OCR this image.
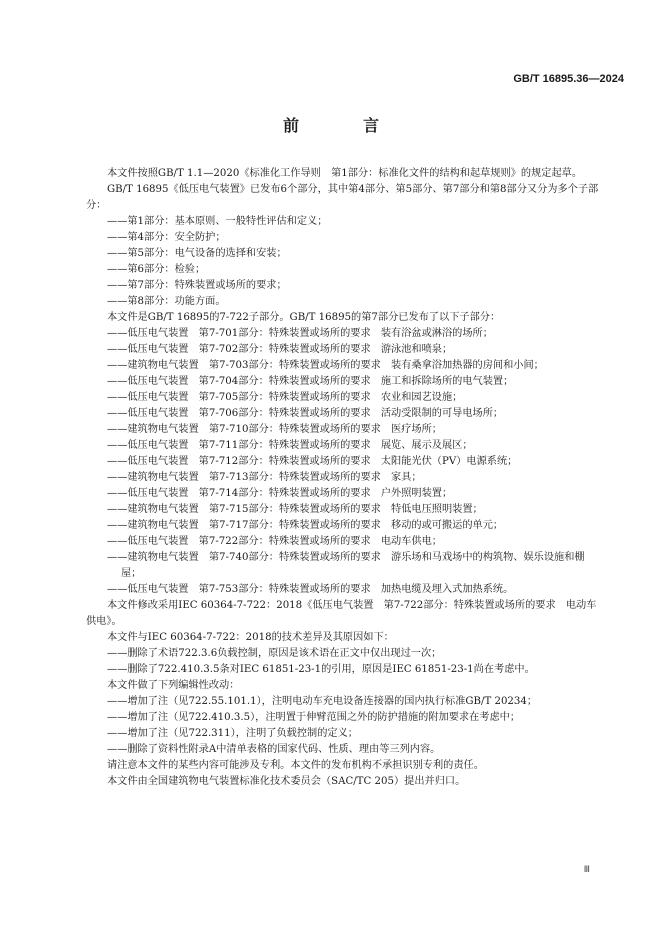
GB/T 16895.36—2024
前　言

本文件按照GB/T 1.1—2020《标准化工作导则　第1部分：标准化文件的结构和起草规则》的规定起草。

GB/T 16895《低压电气装置》已发布6个部分，其中第4部分、第5部分、第7部分和第8部分又分为多个子部分：

——第1部分：基本原则、一般特性评估和定义；

——第4部分：安全防护；

——第5部分：电气设备的选择和安装；

——第6部分：检验；

——第7部分：特殊装置或场所的要求；

——第8部分：功能方面。

本文件是GB/T 16895的7-722子部分。GB/T 16895的第7部分已发布了以下子部分：

——低压电气装置　第7-701部分：特殊装置或场所的要求　装有浴盆或淋浴的场所；

——低压电气装置　第7-702部分：特殊装置或场所的要求　游泳池和喷泉；

——建筑物电气装置　第7-703部分：特殊装置或场所的要求　装有桑拿浴加热器的房间和小间；

——低压电气装置　第7-704部分：特殊装置或场所的要求　施工和拆除场所的电气装置；

——低压电气装置　第7-705部分：特殊装置或场所的要求　农业和园艺设施；

——低压电气装置　第7-706部分：特殊装置或场所的要求　活动受限制的可导电场所；

——建筑物电气装置　第7-710部分：特殊装置或场所的要求　医疗场所；

——低压电气装置　第7-711部分：特殊装置或场所的要求　展览、展示及展区；

——低压电气装置　第7-712部分：特殊装置或场所的要求　太阳能光伏（PV）电源系统；

——建筑物电气装置　第7-713部分：特殊装置或场所的要求　家具；

——低压电气装置　第7-714部分：特殊装置或场所的要求　户外照明装置；

——建筑物电气装置　第7-715部分：特殊装置或场所的要求　特低电压照明装置；

——建筑物电气装置　第7-717部分：特殊装置或场所的要求　移动的或可搬运的单元；

——低压电气装置　第7-722部分：特殊装置或场所的要求　电动车供电；

——建筑物电气装置　第7-740部分：特殊装置或场所的要求　游乐场和马戏场中的构筑物、娱乐设施和棚屋；

——低压电气装置　第7-753部分：特殊装置或场所的要求　加热电缆及埋入式加热系统。

本文件修改采用IEC 60364-7-722：2018《低压电气装置　第7-722部分：特殊装置或场所的要求　电动车供电》。

本文件与IEC 60364-7-722：2018的技术差异及其原因如下：

——删除了术语722.3.6负载控制，原因是该术语在正文中仅出现过一次；

——删除了722.410.3.5条对IEC 61851-23-1的引用，原因是IEC 61851-23-1尚在考虑中。

本文件做了下列编辑性改动：

——增加了注（见722.55.101.1），注明电动车充电设备连接器的国内执行标准GB/T 20234；

——增加了注（见722.410.3.5），注明置于伸臂范围之外的防护措施的附加要求在考虑中；

——增加了注（见722.311），注明了负载控制的定义；

——删除了资料性附录A中清单表格的国家代码、性质、理由等三列内容。

请注意本文件的某些内容可能涉及专利。本文件的发布机构不承担识别专利的责任。

本文件由全国建筑物电气装置标准化技术委员会（SAC/TC 205）提出并归口。

Ⅲ
